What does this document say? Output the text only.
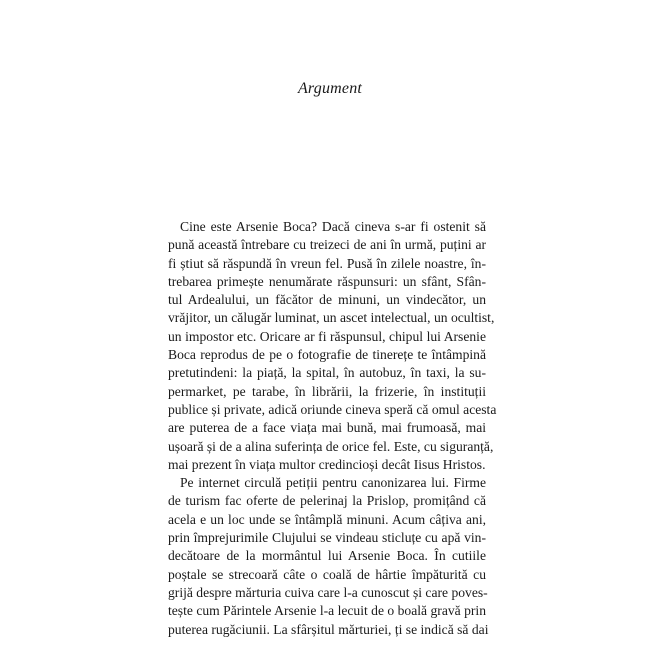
Argument
Cine este Arsenie Boca? Dacă cineva s-ar fi ostenit să
pună această întrebare cu treizeci de ani în urmă, puțini ar
fi știut să răspundă în vreun fel. Pusă în zilele noastre, în-
trebarea primește nenumărate răspunsuri: un sfânt, Sfân-
tul Ardealului, un făcător de minuni, un vindecător, un
vrăjitor, un călugăr luminat, un ascet intelectual, un ocultist,
un impostor etc. Oricare ar fi răspunsul, chipul lui Arsenie
Boca reprodus de pe o fotografie de tinerețe te întâmpină
pretutindeni: la piață, la spital, în autobuz, în taxi, la su-
permarket, pe tarabe, în librării, la frizerie, în instituții
publice și private, adică oriunde cineva speră că omul acesta
are puterea de a face viața mai bună, mai frumoasă, mai
ușoară și de a alina suferința de orice fel. Este, cu siguranță,
mai prezent în viața multor credincioși decât Iisus Hristos.
Pe internet circulă petiții pentru canonizarea lui. Firme
de turism fac oferte de pelerinaj la Prislop, promițând că
acela e un loc unde se întâmplă minuni. Acum câțiva ani,
prin împrejurimile Clujului se vindeau sticluțe cu apă vin-
decătoare de la mormântul lui Arsenie Boca. În cutiile
poștale se strecoară câte o coală de hârtie împăturită cu
grijă despre mărturia cuiva care l-a cunoscut și care poves-
tește cum Părintele Arsenie l-a lecuit de o boală gravă prin
puterea rugăciunii. La sfârșitul mărturiei, ți se indică să dai
